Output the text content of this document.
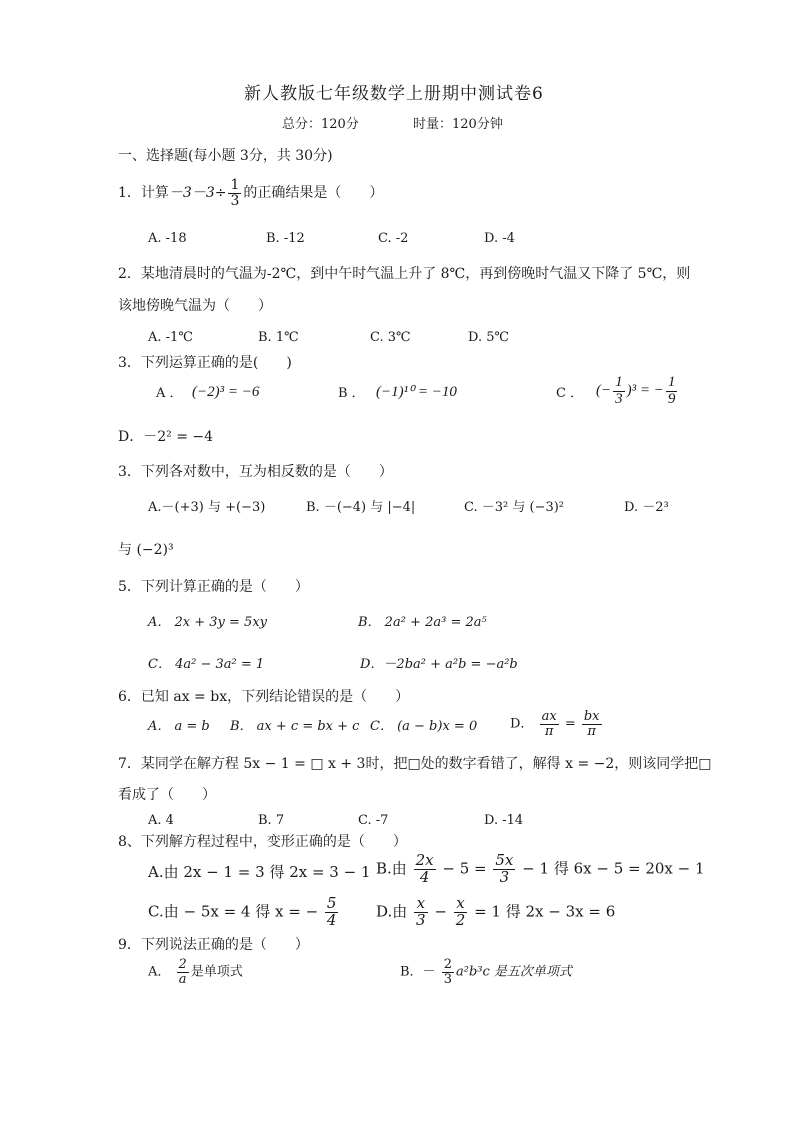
新人教版七年级数学上册期中测试卷6
总分：120分	时量：120分钟
一、选择题(每小题 3分，共 30分)
1．计算$-3-3\div \frac{1}{3}$ 的正确结果是（　　）
A. -18	B. -12	C. -2	D. -4
2．某地清晨时的气温为-2℃，到中午时气温上升了 8℃，再到傍晚时气温又下降了 5℃，则
该地傍晚气温为（　　）
A. -1℃	B. 1℃	C. 3℃	D. 5℃
3．下列运算正确的是(　　)
A ． (−2)³ = −6	B ． (−1)¹⁰ = −10	C ． (− $\frac{1}{3} )^3$ = − $\frac{1}{9}$
D．－2² = −4
3．下列各对数中，互为相反数的是（　　）
A.－(+3) 与 +(−3)	B. －(−4) 与 |−4|	C. －3² 与 (−3)²	D. －2³
与 (−2)³
5．下列计算正确的是（　　）
A． 2x + 3y = 5xy	B． 2a² + 2a³ = 2a⁵
C． 4a² − 3a² = 1	D．－2ba² + a²b = −a²b
6．已知 ax = bx，下列结论错误的是（　　）
A． a = b B． ax + c = bx + c C． (a − b)x = 0	D． $\frac{ax}{\pi} = \frac{bx}{\pi}$
7．某同学在解方程 5x − 1 = □ x + 3时，把□处的数字看错了，解得 x = −2，则该同学把□
看成了（　　）
A. 4	B. 7	C. -7	D. -14
8、下列解方程过程中，变形正确的是（　　）
A.由 2x − 1 = 3 得 2x = 3 − 1 B.由 $\frac{2x}{4} - 5 = \frac{5x}{3} - 1$ 得 6x − 5 = 20x − 1
C.由 − 5x = 4 得 x = − $\frac{5}{4}$	D.由 $\frac{x}{3} - \frac{x}{2} = 1$ 得 2x − 3x = 6
9．下列说法正确的是（　　）
A． $\frac{2}{a}$ 是单项式	B．－ $\frac{2}{3} a^2b^3c$ 是五次单项式
